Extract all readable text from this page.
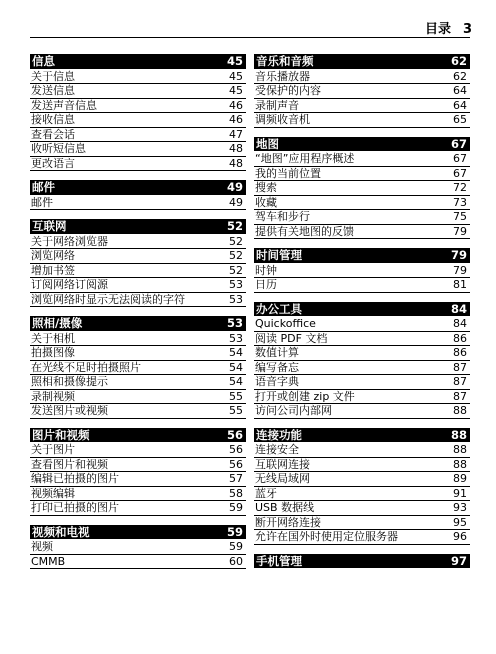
目录 3
信息	45
关于信息	45
发送信息	45
发送声音信息	46
接收信息	46
查看会话	47
收听短信息	48
更改语言	48
邮件	49
邮件	49
互联网	52
关于网络浏览器	52
浏览网络	52
增加书签	52
订阅网络订阅源	53
浏览网络时显示无法阅读的字符	53
照相/摄像	53
关于相机	53
拍摄图像	54
在光线不足时拍摄照片	54
照相和摄像提示	54
录制视频	55
发送图片或视频	55
图片和视频	56
关于图片	56
查看图片和视频	56
编辑已拍摄的图片	57
视频编辑	58
打印已拍摄的图片	59
视频和电视	59
视频	59
CMMB	60
音乐和音频	62
音乐播放器	62
受保护的内容	64
录制声音	64
调频收音机	65
地图	67
“地图”应用程序概述	67
我的当前位置	67
搜索	72
收藏	73
驾车和步行	75
提供有关地图的反馈	79
时间管理	79
时钟	79
日历	81
办公工具	84
Quickoffice	84
阅读 PDF 文档	86
数值计算	86
编写备忘	87
语音字典	87
打开或创建 zip 文件	87
访问公司内部网	88
连接功能	88
连接安全	88
互联网连接	88
无线局域网	89
蓝牙	91
USB 数据线	93
断开网络连接	95
允许在国外时使用定位服务器	96
手机管理	97
